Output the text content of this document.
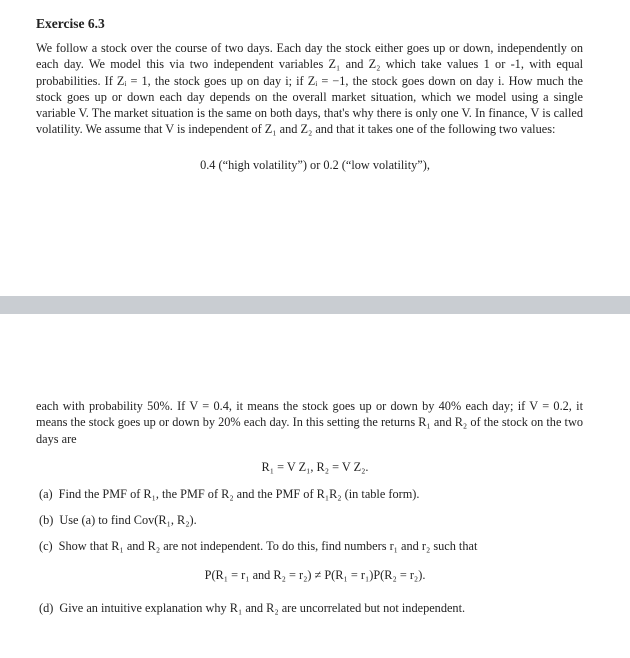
Exercise 6.3
We follow a stock over the course of two days. Each day the stock either goes up or down, independently on each day. We model this via two independent variables Z₁ and Z₂ which take values 1 or -1, with equal probabilities. If Zᵢ = 1, the stock goes up on day i; if Zᵢ = −1, the stock goes down on day i. How much the stock goes up or down each day depends on the overall market situation, which we model using a single variable V. The market situation is the same on both days, that's why there is only one V. In finance, V is called volatility. We assume that V is independent of Z₁ and Z₂ and that it takes one of the following two values:
0.4 (“high volatility”) or 0.2 (“low volatility”),
each with probability 50%. If V = 0.4, it means the stock goes up or down by 40% each day; if V = 0.2, it means the stock goes up or down by 20% each day. In this setting the returns R₁ and R₂ of the stock on the two days are
R₁ = V Z₁, R₂ = V Z₂.
(a) Find the PMF of R₁, the PMF of R₂ and the PMF of R₁R₂ (in table form).
(b) Use (a) to find Cov(R₁, R₂).
(c) Show that R₁ and R₂ are not independent. To do this, find numbers r₁ and r₂ such that
P(R₁ = r₁ and R₂ = r₂) ≠ P(R₁ = r₁)P(R₂ = r₂).
(d) Give an intuitive explanation why R₁ and R₂ are uncorrelated but not independent.
